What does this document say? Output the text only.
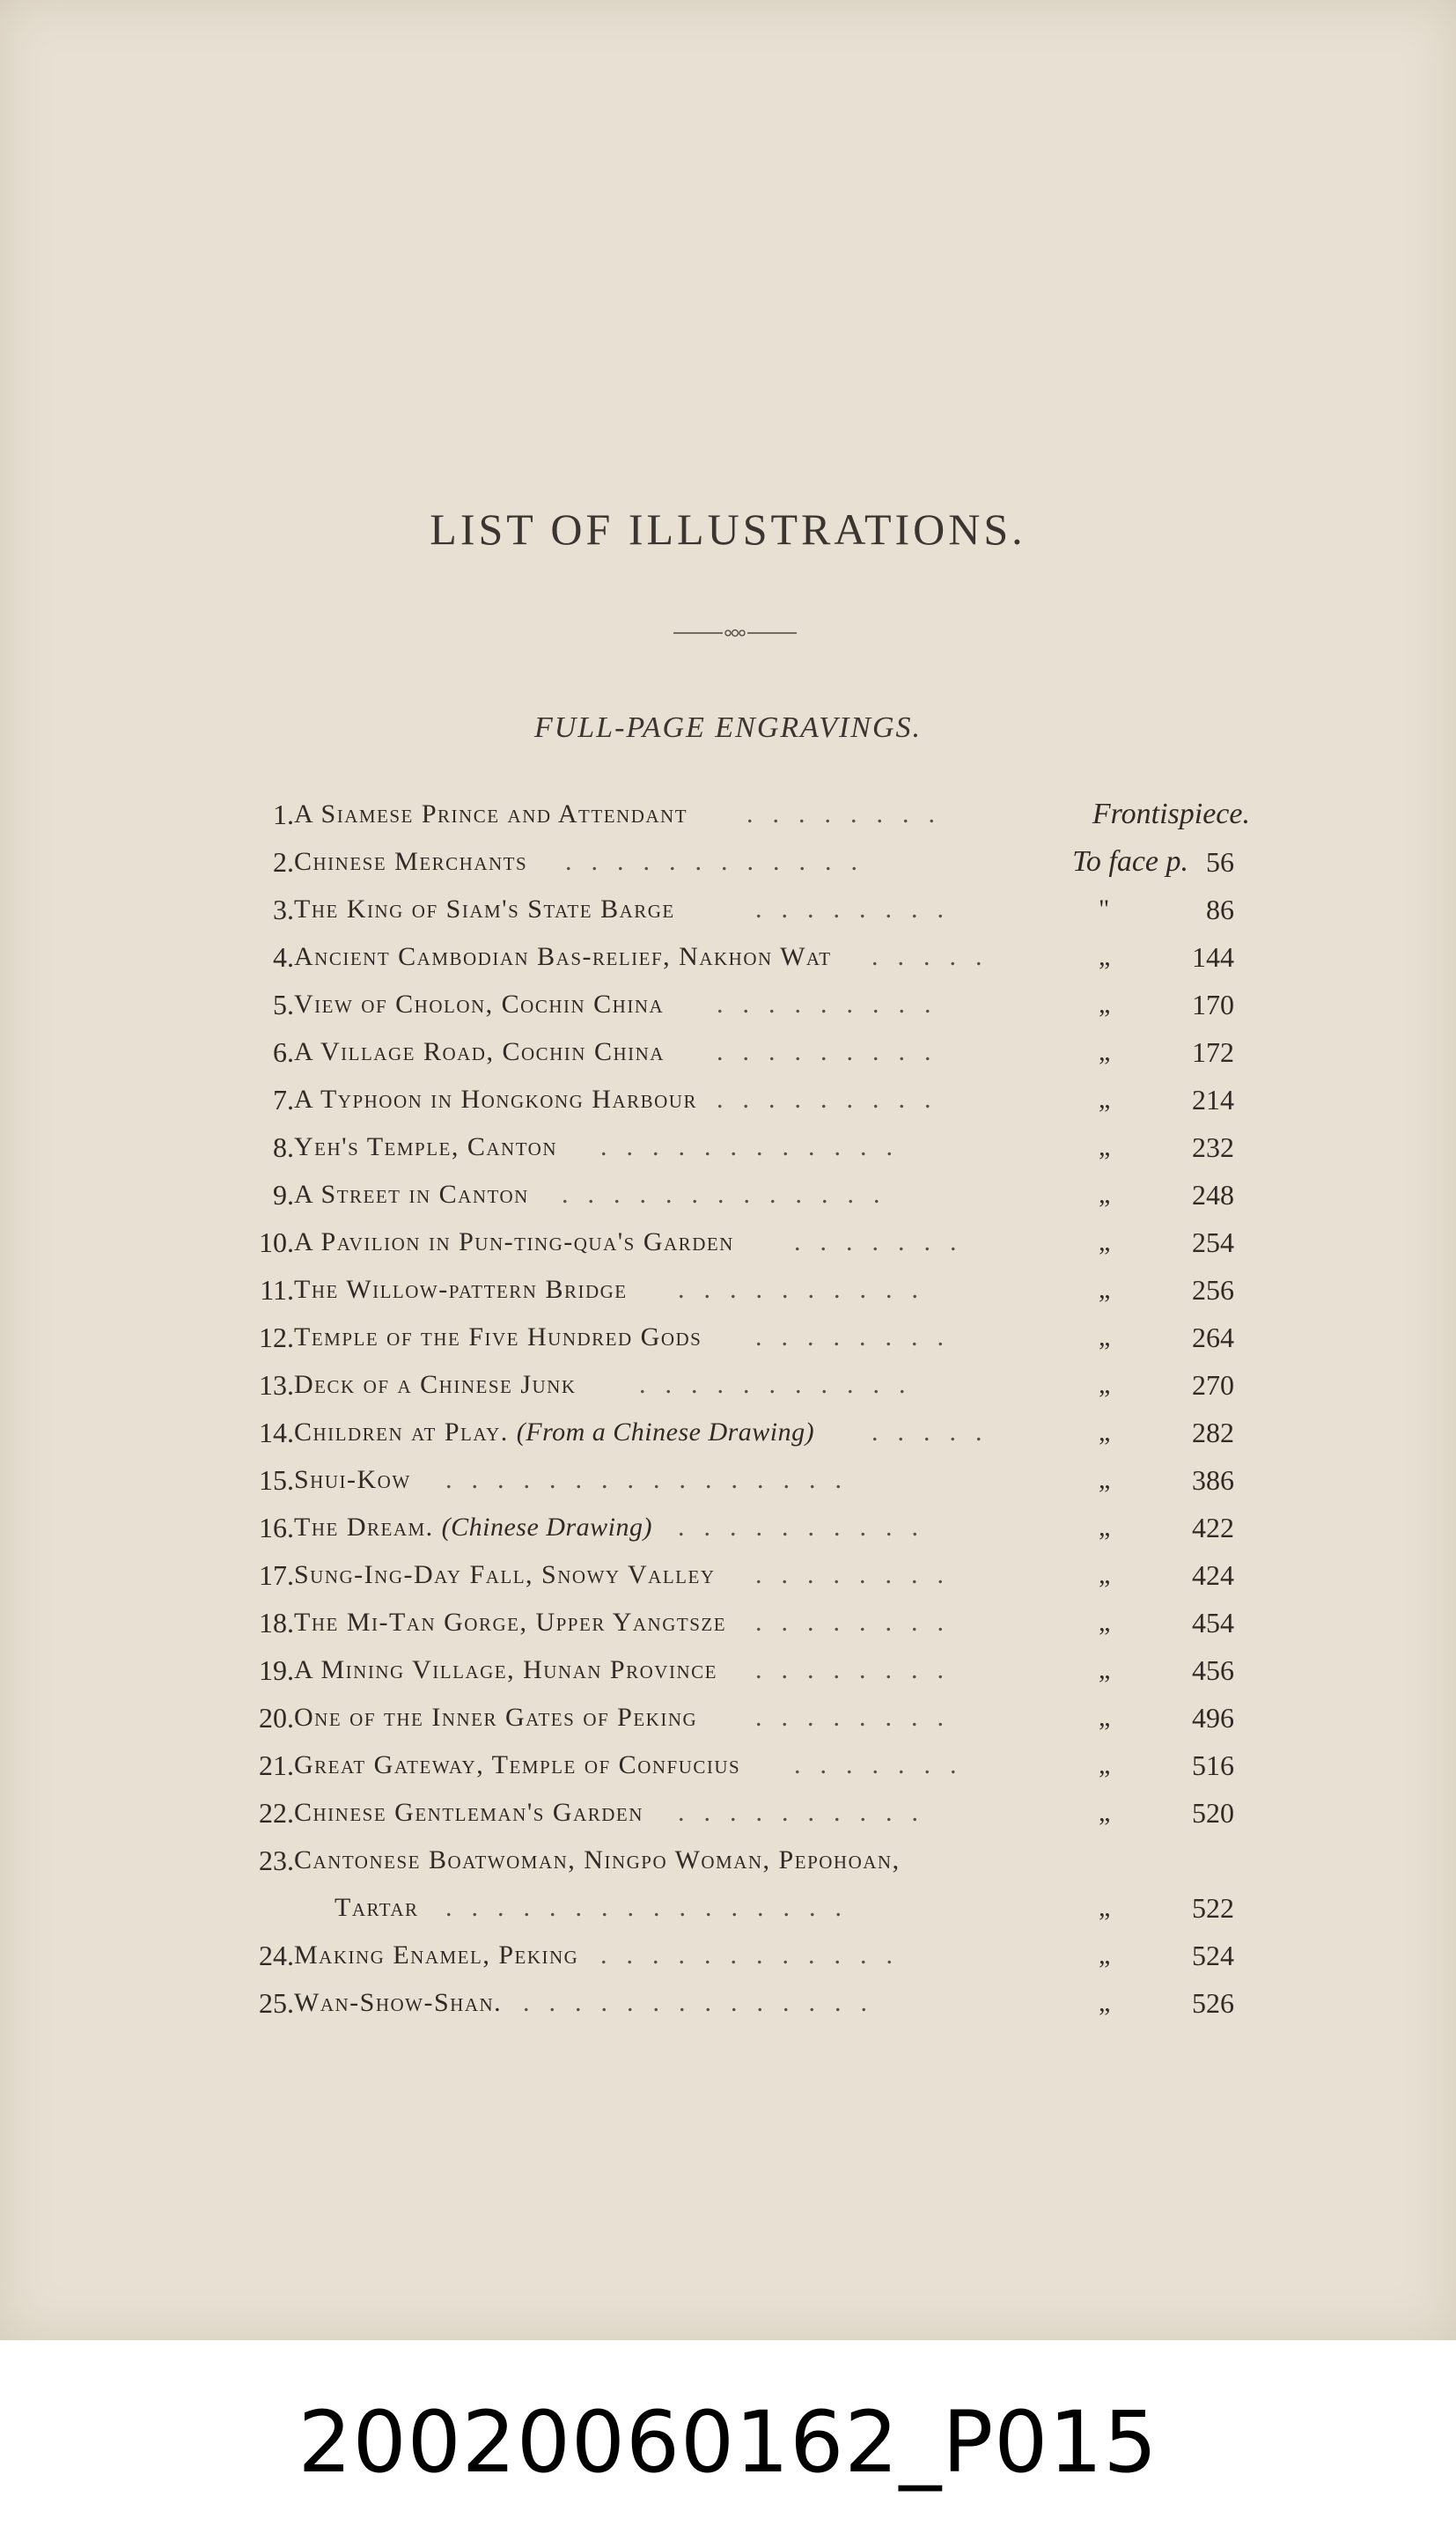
LIST OF ILLUSTRATIONS.
FULL-PAGE ENGRAVINGS.
1. A Siamese Prince and Attendant ........	Frontispiece.
2. Chinese Merchants ............	To face p. 56
3. The King of Siam's State Barge	........	"	86
4. Ancient Cambodian Bas-relief, Nakhon Wat .....	„	144
5. View of Cholon, Cochin China .........	„	170
6. A Village Road, Cochin China .........	„	172
7. A Typhoon in Hongkong Harbour .........	„	214
8. Yeh's Temple, Canton ............	„	232
9. A Street in Canton .............	„	248
10. A Pavilion in Pun-ting-qua's Garden .......	„	254
11. The Willow-pattern Bridge ..........	„	256
12. Temple of the Five Hundred Gods ........	„	264
13. Deck of a Chinese Junk ...........	„	270
14. Children at Play. (From a Chinese Drawing) .....	„	282
15. Shui-Kow ................	„	386
16. The Dream. (Chinese Drawing) ..........	„	422
17. Sung-Ing-Day Fall, Snowy Valley ........	„	424
18. The Mi-Tan Gorge, Upper Yangtsze ........	„	454
19. A Mining Village, Hunan Province ........	„	456
20. One of the Inner Gates of Peking ........	„	496
21. Great Gateway, Temple of Confucius .......	„	516
22. Chinese Gentleman's Garden ..........	„	520
23. Cantonese Boatwoman, Ningpo Woman, Pepohoan,
Tartar ................	„	522
24. Making Enamel, Peking ............	„	524
25. Wan-Show-Shan. ..............	„	526
20020060162_P015
